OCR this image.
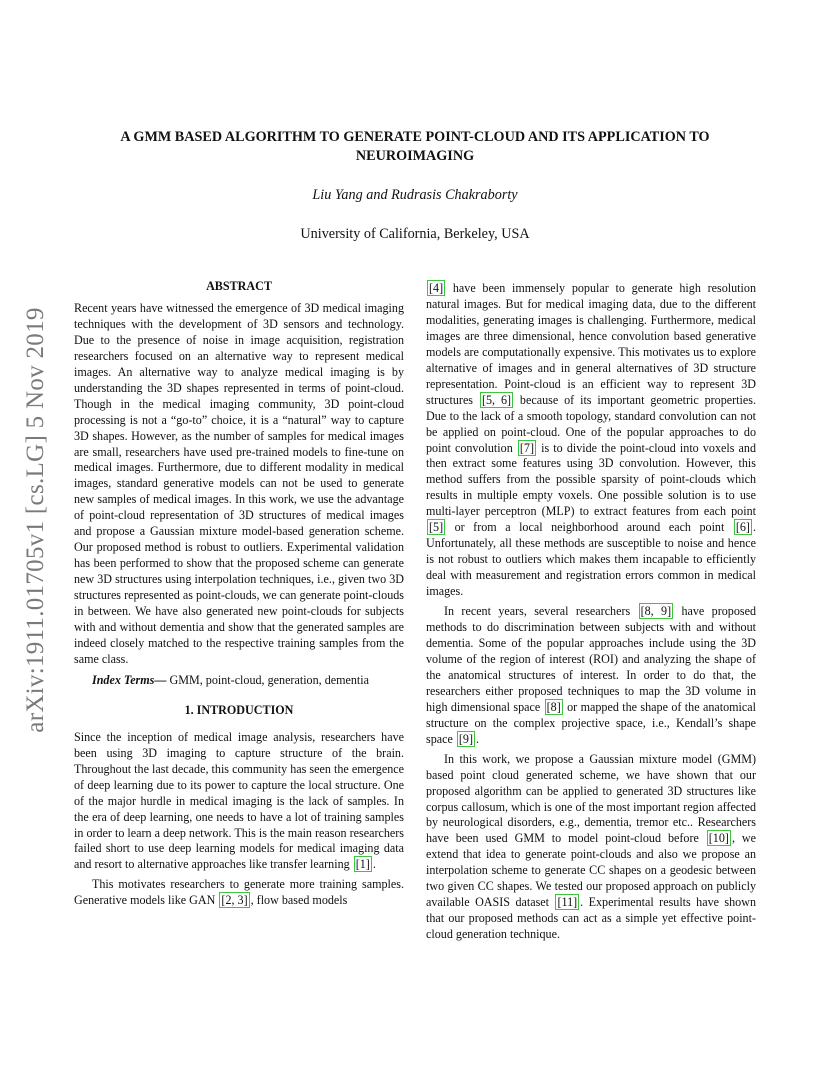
arXiv:1911.01705v1 [cs.LG] 5 Nov 2019
A GMM BASED ALGORITHM TO GENERATE POINT-CLOUD AND ITS APPLICATION TO NEUROIMAGING
Liu Yang and Rudrasis Chakraborty
University of California, Berkeley, USA
ABSTRACT

Recent years have witnessed the emergence of 3D medical imaging techniques with the development of 3D sensors and technology. Due to the presence of noise in image acquisition, registration researchers focused on an alternative way to represent medical images. An alternative way to analyze medical imaging is by understanding the 3D shapes represented in terms of point-cloud. Though in the medical imaging community, 3D point-cloud processing is not a “go-to” choice, it is a “natural” way to capture 3D shapes. However, as the number of samples for medical images are small, researchers have used pre-trained models to fine-tune on medical images. Furthermore, due to different modality in medical images, standard generative models can not be used to generate new samples of medical images. In this work, we use the advantage of point-cloud representation of 3D structures of medical images and propose a Gaussian mixture model-based generation scheme. Our proposed method is robust to outliers. Experimental validation has been performed to show that the proposed scheme can generate new 3D structures using interpolation techniques, i.e., given two 3D structures represented as point-clouds, we can generate point-clouds in between. We have also generated new point-clouds for subjects with and without dementia and show that the generated samples are indeed closely matched to the respective training samples from the same class.

Index Terms— GMM, point-cloud, generation, dementia

1. INTRODUCTION

Since the inception of medical image analysis, researchers have been using 3D imaging to capture structure of the brain. Throughout the last decade, this community has seen the emergence of deep learning due to its power to capture the local structure. One of the major hurdle in medical imaging is the lack of samples. In the era of deep learning, one needs to have a lot of training samples in order to learn a deep network. This is the main reason researchers failed short to use deep learning models for medical imaging data and resort to alternative approaches like transfer learning [1] .

This motivates researchers to generate more training samples. Generative models like GAN [2, 3] , flow based models

[4] have been immensely popular to generate high resolution natural images. But for medical imaging data, due to the different modalities, generating images is challenging. Furthermore, medical images are three dimensional, hence convolution based generative models are computationally expensive. This motivates us to explore alternative of images and in general alternatives of 3D structure representation. Point-cloud is an efficient way to represent 3D structures [5, 6] because of its important geometric properties. Due to the lack of a smooth topology, standard convolution can not be applied on point-cloud. One of the popular approaches to do point convolution [7] is to divide the point-cloud into voxels and then extract some features using 3D convolution. However, this method suffers from the possible sparsity of point-clouds which results in multiple empty voxels. One possible solution is to use multi-layer perceptron (MLP) to extract features from each point [5] or from a local neighborhood around each point [6] . Unfortunately, all these methods are susceptible to noise and hence is not robust to outliers which makes them incapable to efficiently deal with measurement and registration errors common in medical images.

In recent years, several researchers [8, 9] have proposed methods to do discrimination between subjects with and without dementia. Some of the popular approaches include using the 3D volume of the region of interest (ROI) and analyzing the shape of the anatomical structures of interest. In order to do that, the researchers either proposed techniques to map the 3D volume in high dimensional space [8] or mapped the shape of the anatomical structure on the complex projective space, i.e., Kendall’s shape space [9] .

In this work, we propose a Gaussian mixture model (GMM) based point cloud generated scheme, we have shown that our proposed algorithm can be applied to generated 3D structures like corpus callosum, which is one of the most important region affected by neurological disorders, e.g., dementia, tremor etc.. Researchers have been used GMM to model point-cloud before [10] , we extend that idea to generate point-clouds and also we propose an interpolation scheme to generate CC shapes on a geodesic between two given CC shapes. We tested our proposed approach on publicly available OASIS dataset [11] . Experimental results have shown that our proposed methods can act as a simple yet effective point-cloud generation technique.
